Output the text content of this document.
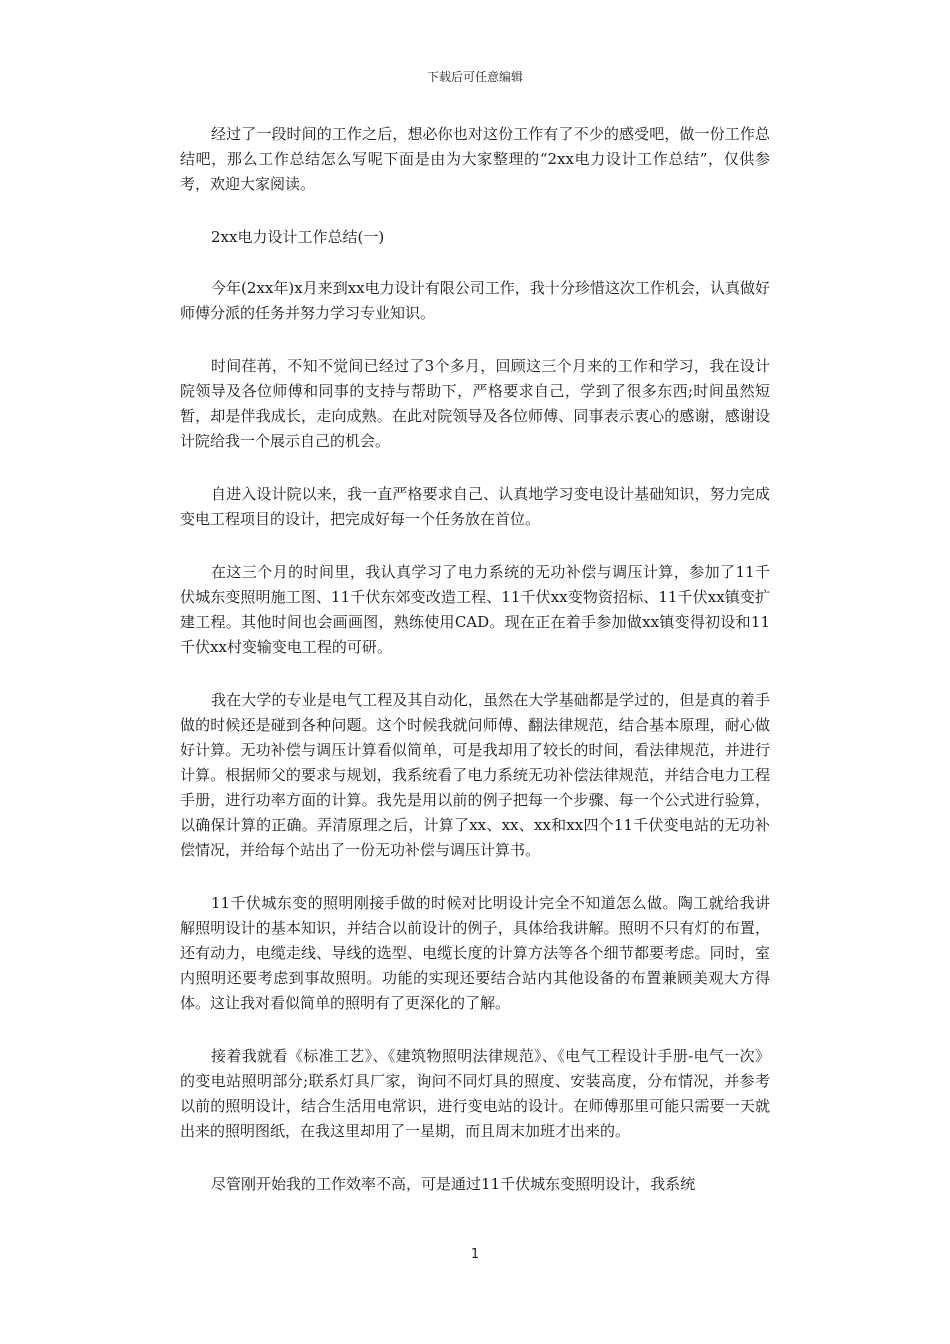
下载后可任意编辑

经过了一段时间的工作之后，想必你也对这份工作有了不少的感受吧，做一份工作总结吧，那么工作总结怎么写呢下面是由为大家整理的“2xx电力设计工作总结”，仅供参考，欢迎大家阅读。

2xx电力设计工作总结(一)

今年(2xx年)x月来到xx电力设计有限公司工作，我十分珍惜这次工作机会，认真做好师傅分派的任务并努力学习专业知识。

时间荏苒，不知不觉间已经过了3个多月，回顾这三个月来的工作和学习，我在设计院领导及各位师傅和同事的支持与帮助下，严格要求自己，学到了很多东西;时间虽然短暂，却是伴我成长，走向成熟。在此对院领导及各位师傅、同事表示衷心的感谢，感谢设计院给我一个展示自己的机会。

自进入设计院以来，我一直严格要求自己、认真地学习变电设计基础知识，努力完成变电工程项目的设计，把完成好每一个任务放在首位。

在这三个月的时间里，我认真学习了电力系统的无功补偿与调压计算，参加了11千伏城东变照明施工图、11千伏东郊变改造工程、11千伏xx变物资招标、11千伏xx镇变扩建工程。其他时间也会画画图，熟练使用CAD。现在正在着手参加做xx镇变得初设和11千伏xx村变输变电工程的可研。

我在大学的专业是电气工程及其自动化，虽然在大学基础都是学过的，但是真的着手做的时候还是碰到各种问题。这个时候我就问师傅、翻法律规范，结合基本原理，耐心做好计算。无功补偿与调压计算看似简单，可是我却用了较长的时间，看法律规范，并进行计算。根据师父的要求与规划，我系统看了电力系统无功补偿法律规范，并结合电力工程手册，进行功率方面的计算。我先是用以前的例子把每一个步骤、每一个公式进行验算，以确保计算的正确。弄清原理之后，计算了xx、xx、xx和xx四个11千伏变电站的无功补偿情况，并给每个站出了一份无功补偿与调压计算书。

11千伏城东变的照明刚接手做的时候对比明设计完全不知道怎么做。陶工就给我讲解照明设计的基本知识，并结合以前设计的例子，具体给我讲解。照明不只有灯的布置，还有动力，电缆走线、导线的选型、电缆长度的计算方法等各个细节都要考虑。同时，室内照明还要考虑到事故照明。功能的实现还要结合站内其他设备的布置兼顾美观大方得体。这让我对看似简单的照明有了更深化的了解。

接着我就看《标准工艺》、《建筑物照明法律规范》、《电气工程设计手册-电气一次》的变电站照明部分;联系灯具厂家，询问不同灯具的照度、安装高度，分布情况，并参考以前的照明设计，结合生活用电常识，进行变电站的设计。在师傅那里可能只需要一天就出来的照明图纸，在我这里却用了一星期，而且周末加班才出来的。

尽管刚开始我的工作效率不高，可是通过11千伏城东变照明设计，我系统

1
